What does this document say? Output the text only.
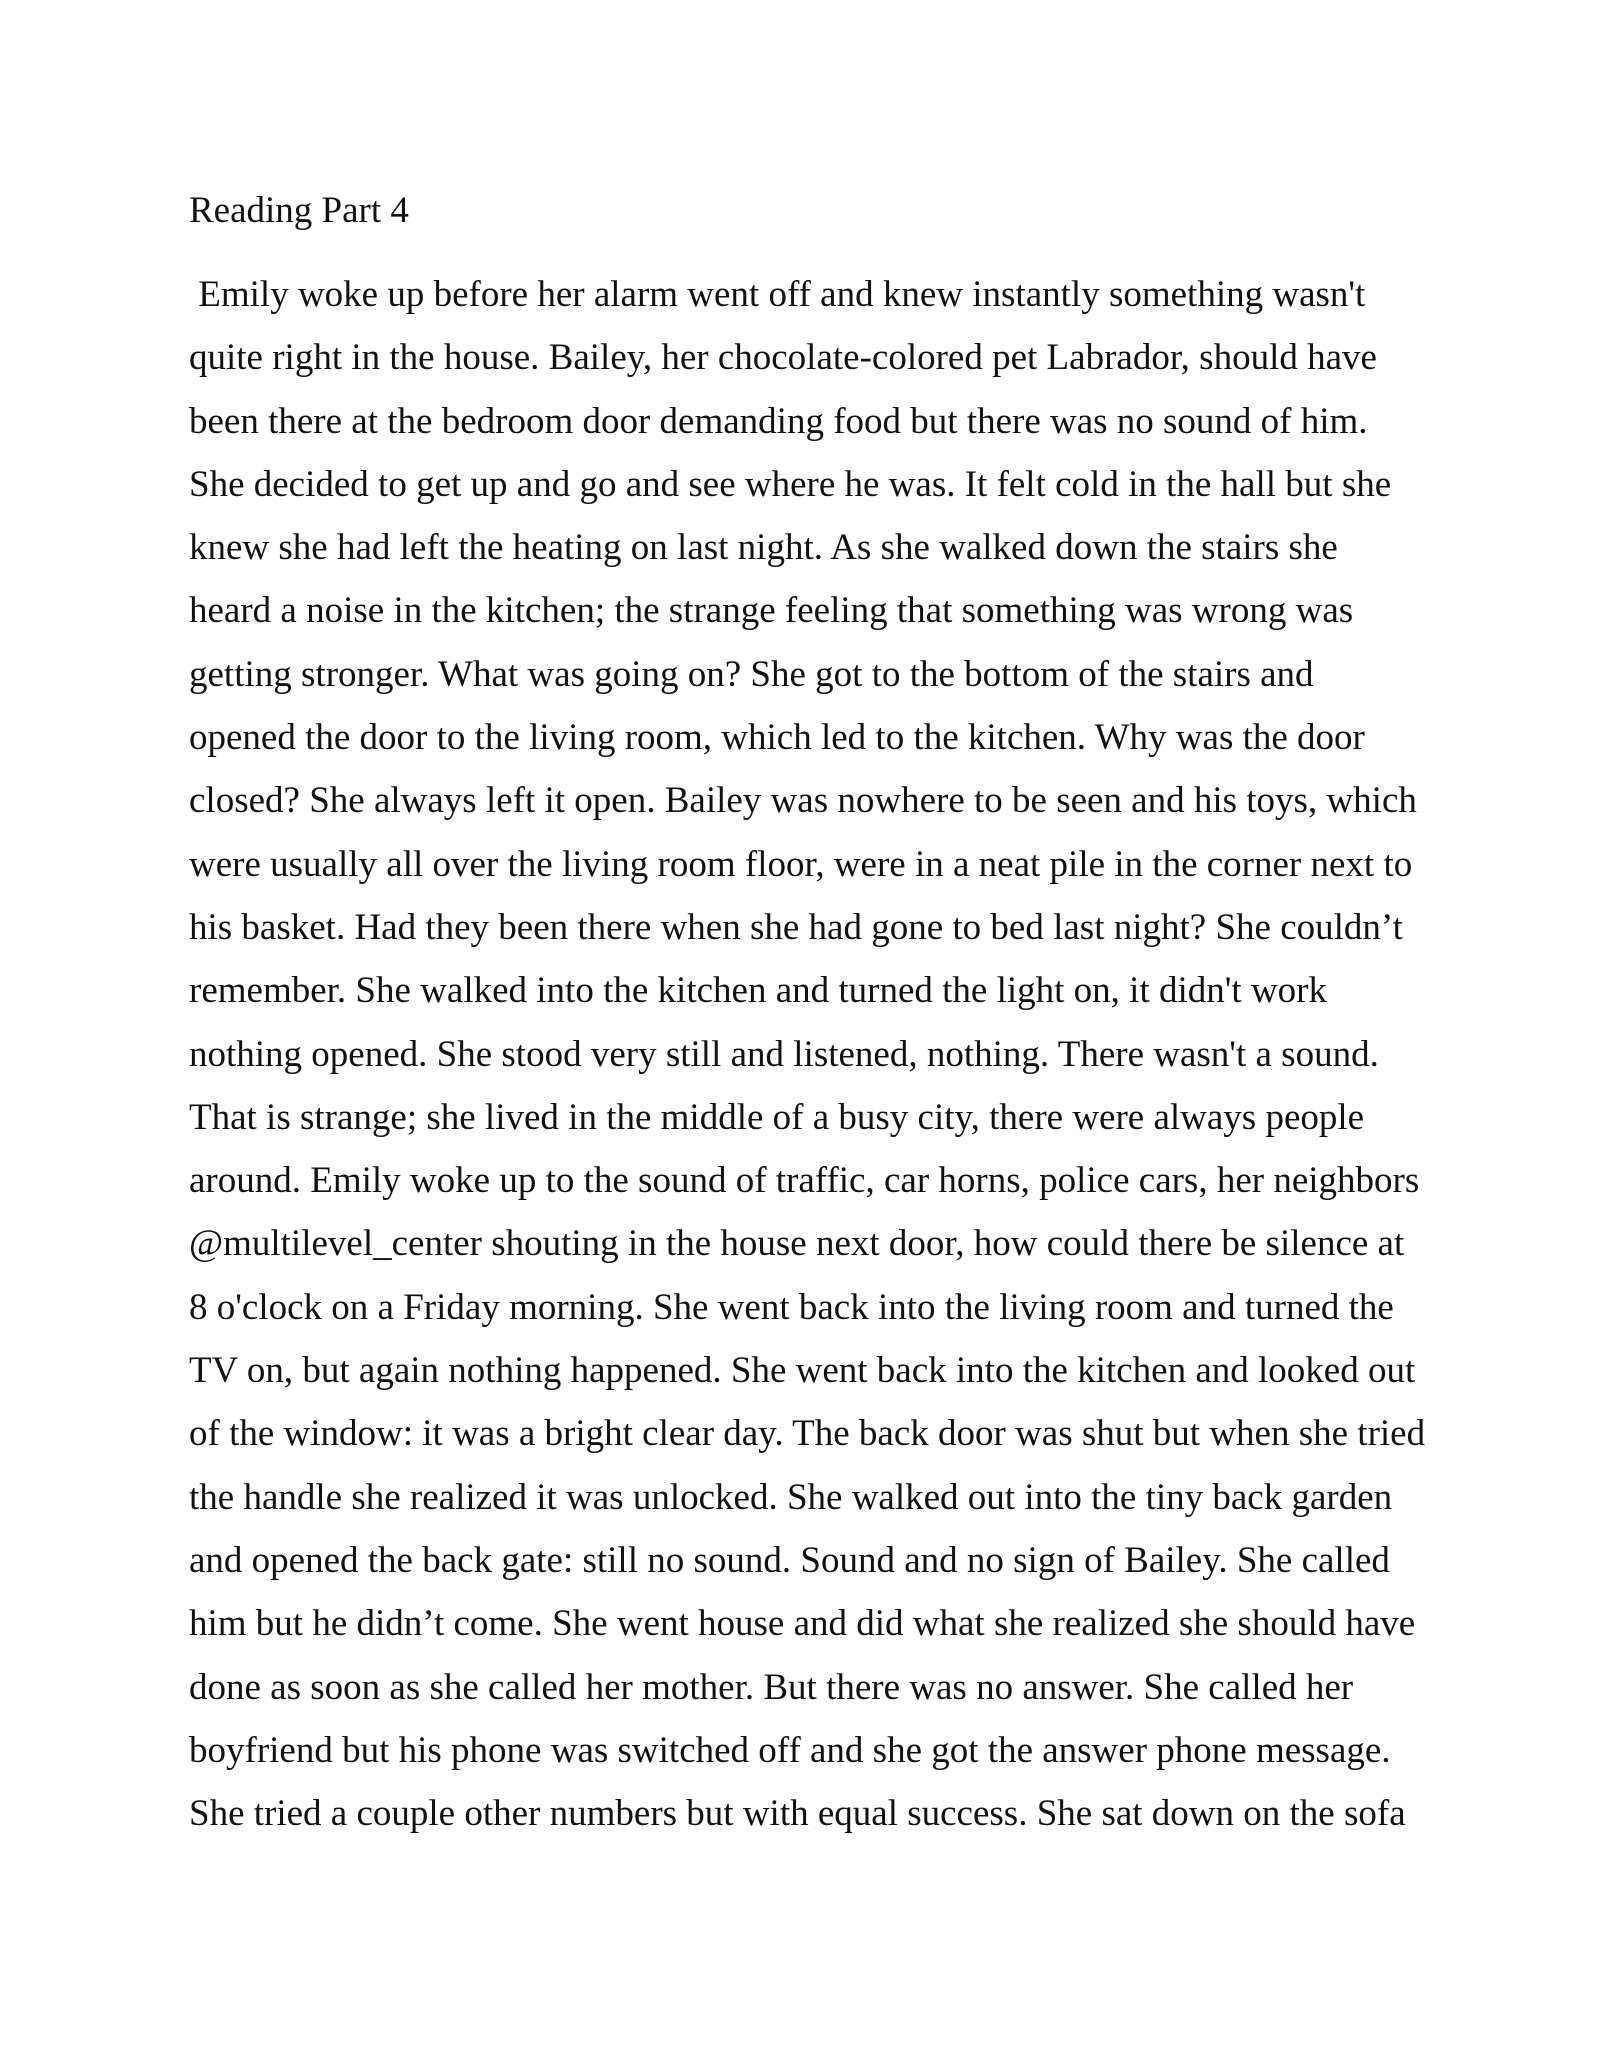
Reading Part 4
Emily woke up before her alarm went off and knew instantly something wasn't
quite right in the house. Bailey, her chocolate-colored pet Labrador, should have
been there at the bedroom door demanding food but there was no sound of him.
She decided to get up and go and see where he was. It felt cold in the hall but she
knew she had left the heating on last night. As she walked down the stairs she
heard a noise in the kitchen; the strange feeling that something was wrong was
getting stronger. What was going on? She got to the bottom of the stairs and
opened the door to the living room, which led to the kitchen. Why was the door
closed? She always left it open. Bailey was nowhere to be seen and his toys, which
were usually all over the living room floor, were in a neat pile in the corner next to
his basket. Had they been there when she had gone to bed last night? She couldn’t
remember. She walked into the kitchen and turned the light on, it didn't work
nothing opened. She stood very still and listened, nothing. There wasn't a sound.
That is strange; she lived in the middle of a busy city, there were always people
around. Emily woke up to the sound of traffic, car horns, police cars, her neighbors
@multilevel_center shouting in the house next door, how could there be silence at
8 o'clock on a Friday morning. She went back into the living room and turned the
TV on, but again nothing happened. She went back into the kitchen and looked out
of the window: it was a bright clear day. The back door was shut but when she tried
the handle she realized it was unlocked. She walked out into the tiny back garden
and opened the back gate: still no sound. Sound and no sign of Bailey. She called
him but he didn’t come. She went house and did what she realized she should have
done as soon as she called her mother. But there was no answer. She called her
boyfriend but his phone was switched off and she got the answer phone message.
She tried a couple other numbers but with equal success. She sat down on the sofa
